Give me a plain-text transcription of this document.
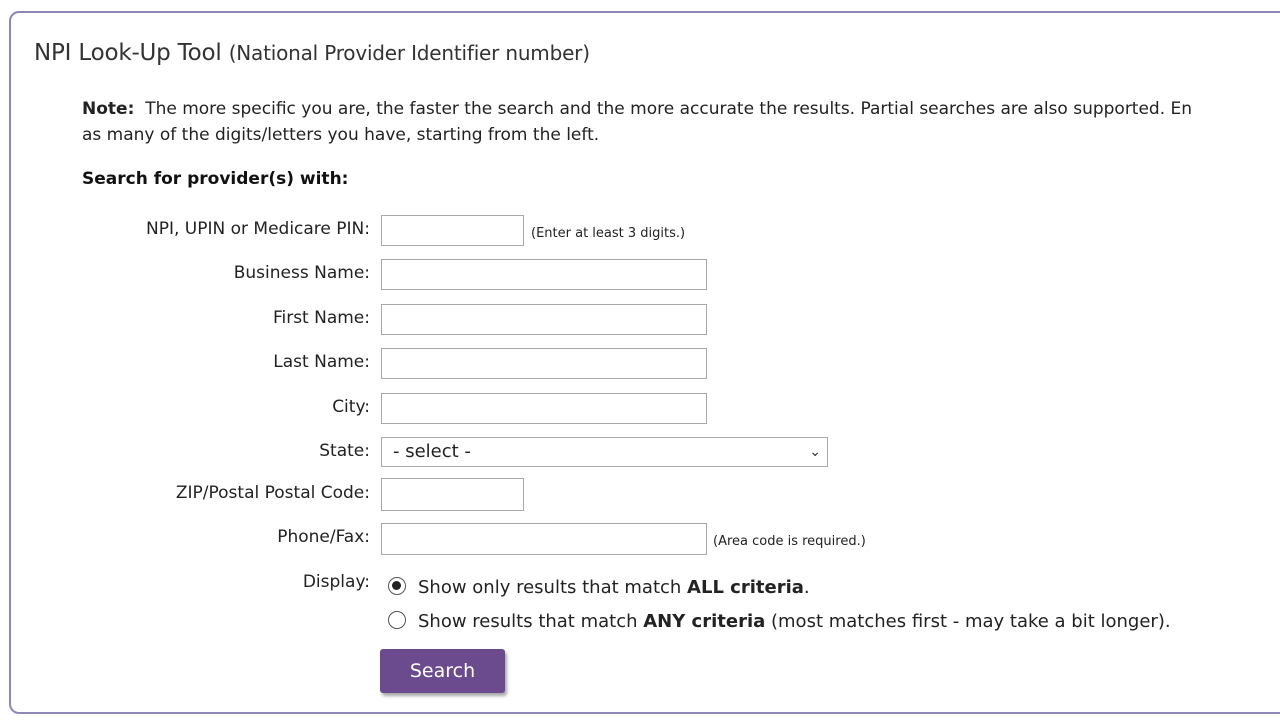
NPI Look-Up Tool (National Provider Identifier number)
Note: The more specific you are, the faster the search and the more accurate the results. Partial searches are also supported. En
as many of the digits/letters you have, starting from the left.
Search for provider(s) with:
NPI, UPIN or Medicare PIN:	(Enter at least 3 digits.)
Business Name:
First Name:
Last Name:
City:
State:	- select -	⌄
ZIP/Postal Postal Code:
Phone/Fax:	(Area code is required.)
Display:	Show only results that match ALL criteria.
Show results that match ANY criteria (most matches first - may take a bit longer).
Search
